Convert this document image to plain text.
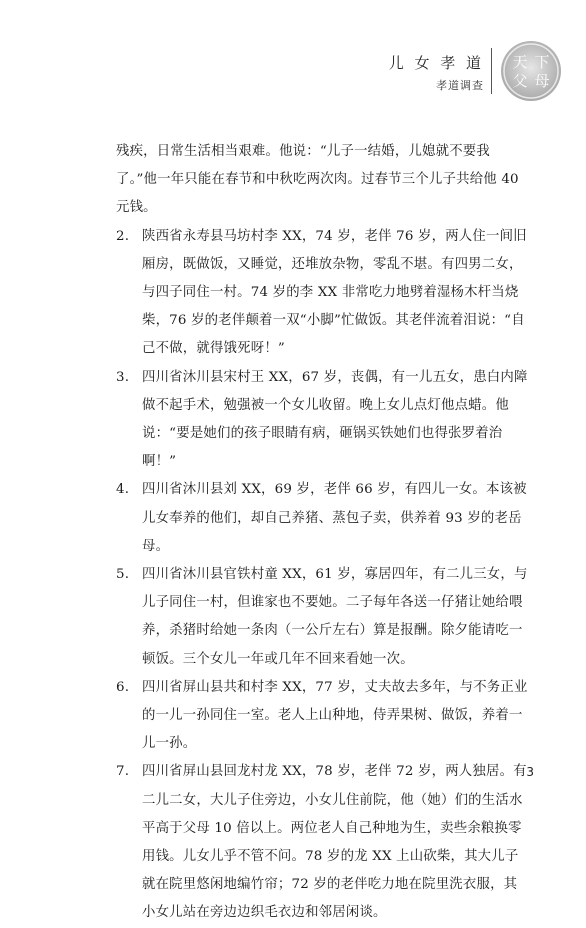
儿 女 孝 道
孝道调查
天 下
父 母

残疾，日常生活相当艰难。他说：“儿子一结婚，儿媳就不要我了。”他一年只能在春节和中秋吃两次肉。过春节三个儿子共给他 40 元钱。

2. 陕西省永寿县马坊村李 XX，74 岁，老伴 76 岁，两人住一间旧厢房，既做饭，又睡觉，还堆放杂物，零乱不堪。有四男二女，与四子同住一村。74 岁的李 XX 非常吃力地劈着湿杨木杆当烧柴，76 岁的老伴颠着一双“小脚”忙做饭。其老伴流着泪说：“自己不做，就得饿死呀！”

3. 四川省沐川县宋村王 XX，67 岁，丧偶，有一儿五女，患白内障做不起手术，勉强被一个女儿收留。晚上女儿点灯他点蜡。他说：“要是她们的孩子眼睛有病，砸锅买铁她们也得张罗着治啊！”

4. 四川省沐川县刘 XX，69 岁，老伴 66 岁，有四儿一女。本该被儿女奉养的他们，却自己养猪、蒸包子卖，供养着 93 岁的老岳母。

5. 四川省沐川县官铁村童 XX，61 岁，寡居四年，有二儿三女，与儿子同住一村，但谁家也不要她。二子每年各送一仔猪让她给喂养，杀猪时给她一条肉（一公斤左右）算是报酬。除夕能请吃一顿饭。三个女儿一年或几年不回来看她一次。

6. 四川省屏山县共和村李 XX，77 岁，丈夫故去多年，与不务正业的一儿一孙同住一室。老人上山种地，侍弄果树、做饭，养着一儿一孙。

7. 四川省屏山县回龙村龙 XX，78 岁，老伴 72 岁，两人独居。有二儿二女，大儿子住旁边，小女儿住前院，他（她）们的生活水平高于父母 10 倍以上。两位老人自己种地为生，卖些余粮换零用钱。儿女儿乎不管不问。78 岁的龙 XX 上山砍柴，其大儿子就在院里悠闲地编竹帘；72 岁的老伴吃力地在院里洗衣服，其小女儿站在旁边边织毛衣边和邻居闲谈。

3
